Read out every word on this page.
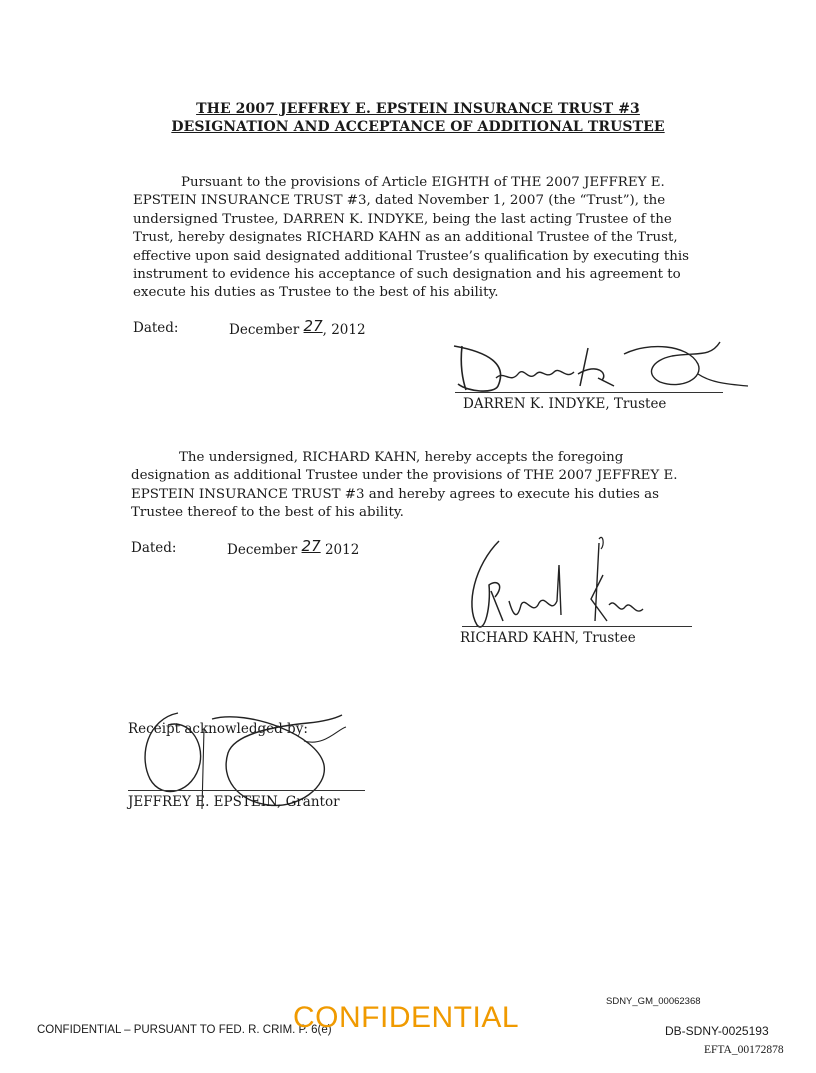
THE 2007 JEFFREY E. EPSTEIN INSURANCE TRUST #3
DESIGNATION AND ACCEPTANCE OF ADDITIONAL TRUSTEE
Pursuant to the provisions of Article EIGHTH of THE 2007 JEFFREY E. EPSTEIN INSURANCE TRUST #3, dated November 1, 2007 (the “Trust”), the undersigned Trustee, DARREN K. INDYKE, being the last acting Trustee of the Trust, hereby designates RICHARD KAHN as an additional Trustee of the Trust, effective upon said designated additional Trustee’s qualification by executing this instrument to evidence his acceptance of such designation and his agreement to execute his duties as Trustee to the best of his ability.
Dated:	December 27, 2012
DARREN K. INDYKE, Trustee
The undersigned, RICHARD KAHN, hereby accepts the foregoing designation as additional Trustee under the provisions of THE 2007 JEFFREY E. EPSTEIN INSURANCE TRUST #3 and hereby agrees to execute his duties as Trustee thereof to the best of his ability.
Dated:	December 27 2012
RICHARD KAHN, Trustee
Receipt acknowledged by:
JEFFREY E. EPSTEIN, Grantor
SDNY_GM_00062368
CONFIDENTIAL – PURSUANT TO FED. R. CRIM. P. 6(e)
CONFIDENTIAL	DB-SDNY-0025193
EFTA_00172878
